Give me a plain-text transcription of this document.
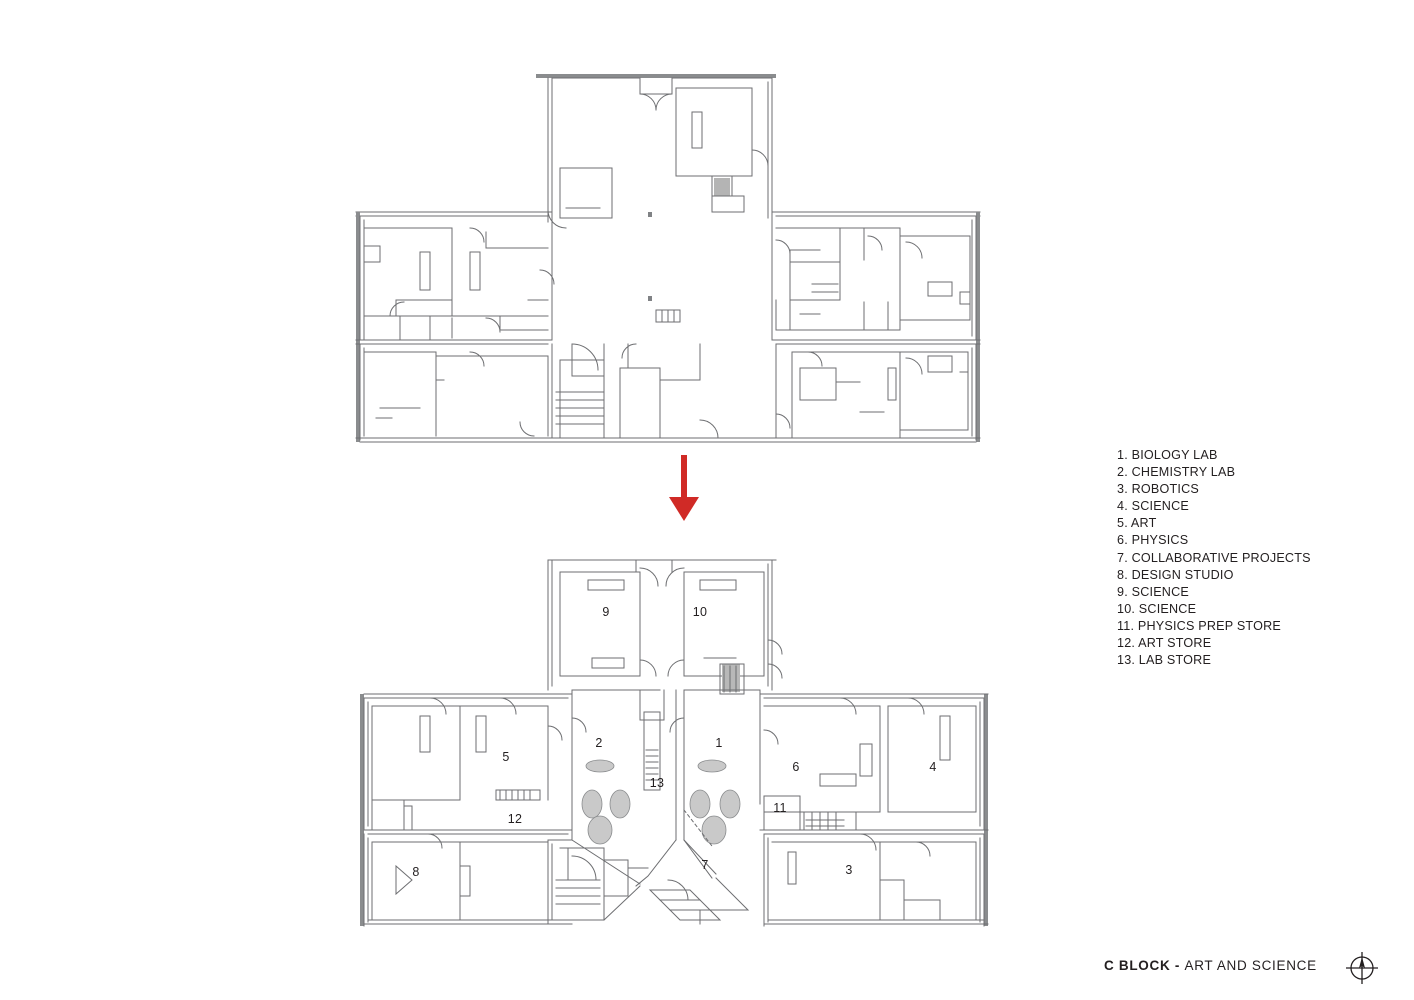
9	10
5
2	1
6	4
13
12
11
8	7	3
1. BIOLOGY LAB
2. CHEMISTRY LAB
3. ROBOTICS
4. SCIENCE
5. ART
6. PHYSICS
7. COLLABORATIVE PROJECTS
8. DESIGN STUDIO
9. SCIENCE
10. SCIENCE
11. PHYSICS PREP STORE
12. ART STORE
13. LAB STORE
C BLOCK - ART AND SCIENCE
